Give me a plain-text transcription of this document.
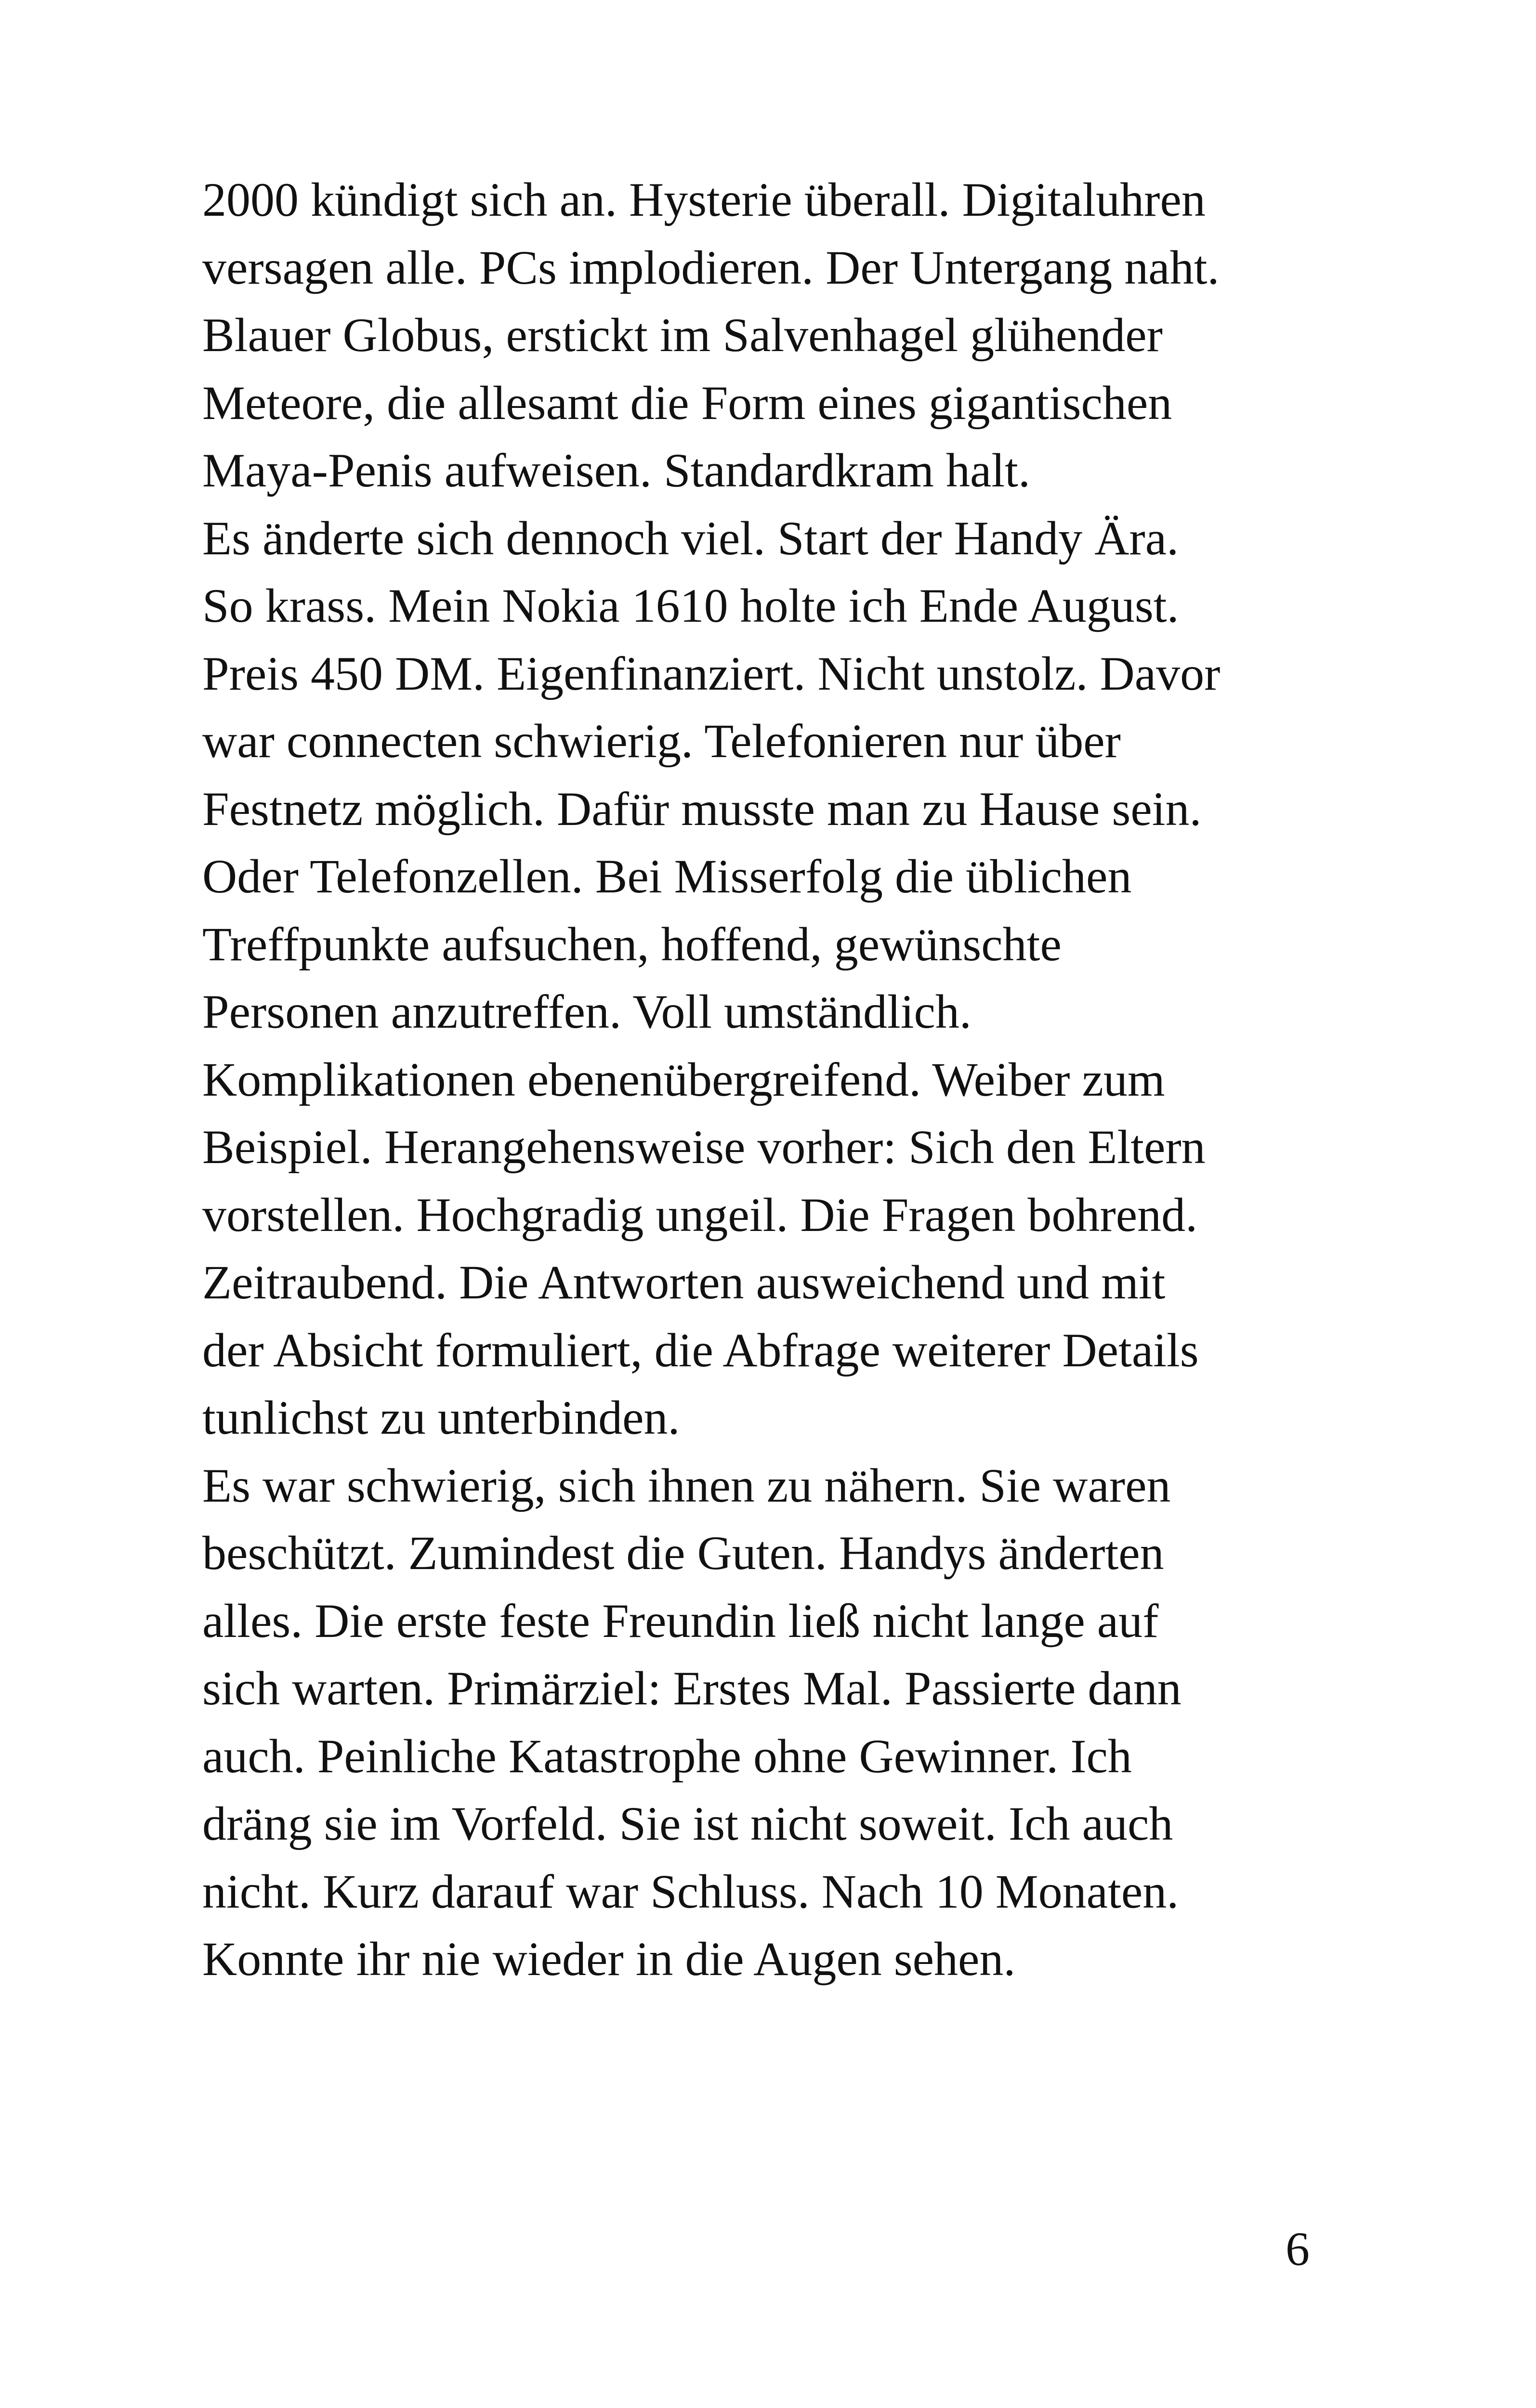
2000 kündigt sich an. Hysterie überall. Digitaluhren
versagen alle. PCs implodieren. Der Untergang naht.
Blauer Globus, erstickt im Salvenhagel glühender
Meteore, die allesamt die Form eines gigantischen
Maya-Penis aufweisen. Standardkram halt.
Es änderte sich dennoch viel. Start der Handy Ära.
So krass. Mein Nokia 1610 holte ich Ende August.
Preis 450 DM. Eigenfinanziert. Nicht unstolz. Davor
war connecten schwierig. Telefonieren nur über
Festnetz möglich. Dafür musste man zu Hause sein.
Oder Telefonzellen. Bei Misserfolg die üblichen
Treffpunkte aufsuchen, hoffend, gewünschte
Personen anzutreffen. Voll umständlich.
Komplikationen ebenenübergreifend. Weiber zum
Beispiel. Herangehensweise vorher: Sich den Eltern
vorstellen. Hochgradig ungeil. Die Fragen bohrend.
Zeitraubend. Die Antworten ausweichend und mit
der Absicht formuliert, die Abfrage weiterer Details
tunlichst zu unterbinden.
Es war schwierig, sich ihnen zu nähern. Sie waren
beschützt. Zumindest die Guten. Handys änderten
alles. Die erste feste Freundin ließ nicht lange auf
sich warten. Primärziel: Erstes Mal. Passierte dann
auch. Peinliche Katastrophe ohne Gewinner. Ich
dräng sie im Vorfeld. Sie ist nicht soweit. Ich auch
nicht. Kurz darauf war Schluss. Nach 10 Monaten.
Konnte ihr nie wieder in die Augen sehen.
6
